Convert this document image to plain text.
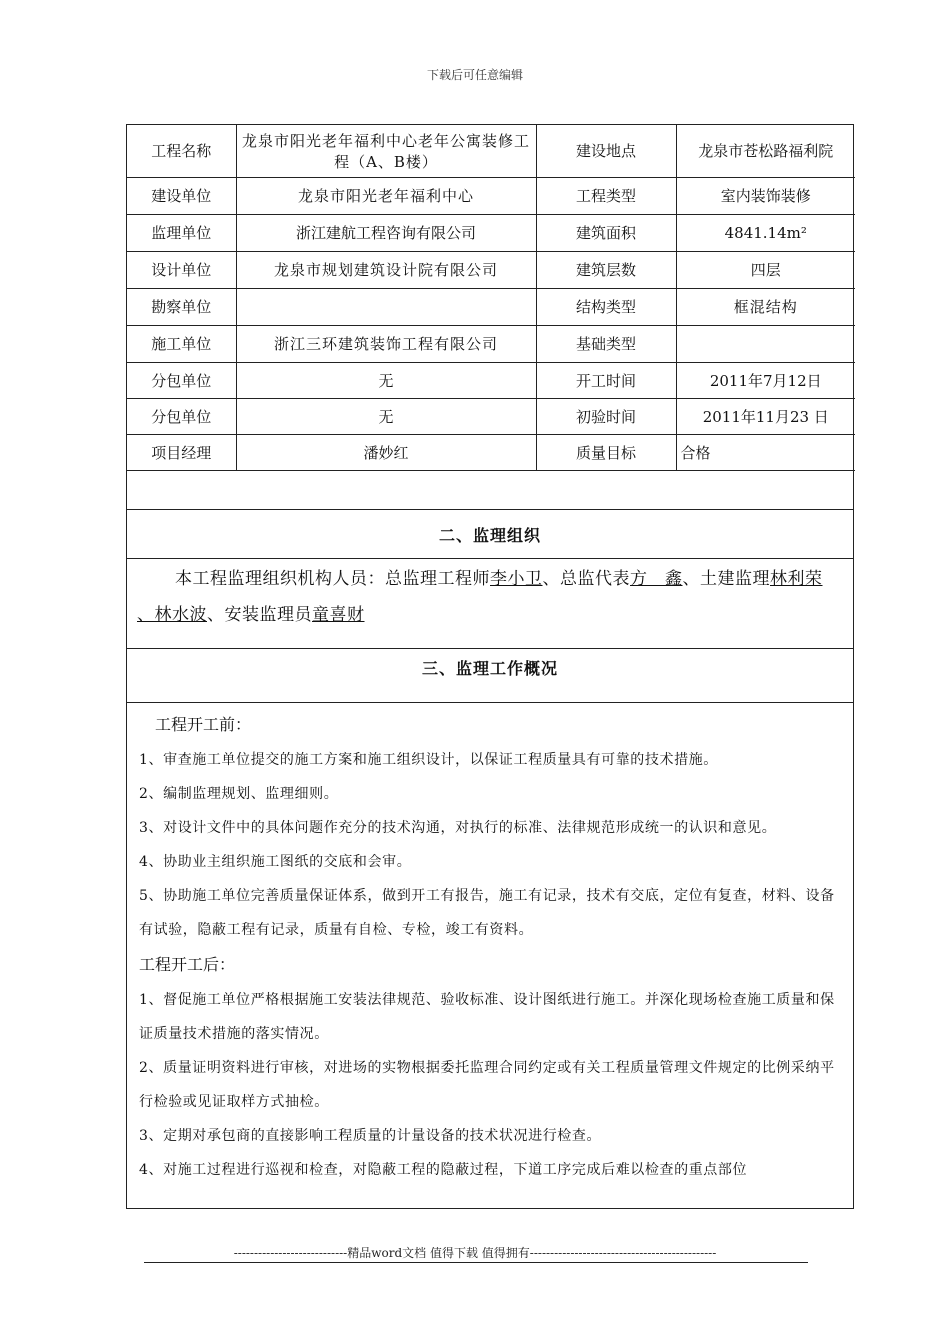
下载后可任意编辑
工程名称	龙泉市阳光老年福利中心老年公寓装修工程（A、B楼）	建设地点	龙泉市苍松路福利院
建设单位	龙泉市阳光老年福利中心	工程类型	室内装饰装修
监理单位	浙江建航工程咨询有限公司	建筑面积	4841.14m²
设计单位	龙泉市规划建筑设计院有限公司	建筑层数	四层
勘察单位		结构类型	框混结构
施工单位	浙江三环建筑装饰工程有限公司	基础类型	
分包单位	无	开工时间	2011年7月12日
分包单位	无	初验时间	2011年11月23 日
项目经理	潘妙红	质量目标	合格
二、监理组织
本工程监理组织机构人员：总监理工程师李小卫、总监代表方　鑫、土建监理林利荣 、林水波、安装监理员童喜财
三、监理工作概况

工程开工前：

1、审查施工单位提交的施工方案和施工组织设计，以保证工程质量具有可靠的技术措施。

2、编制监理规划、监理细则。

3、对设计文件中的具体问题作充分的技术沟通，对执行的标准、法律规范形成统一的认识和意见。

4、协助业主组织施工图纸的交底和会审。

5、协助施工单位完善质量保证体系，做到开工有报告，施工有记录，技术有交底，定位有复查，材料、设备有试验，隐蔽工程有记录，质量有自检、专检，竣工有资料。

工程开工后：

1、督促施工单位严格根据施工安装法律规范、验收标准、设计图纸进行施工。并深化现场检查施工质量和保证质量技术措施的落实情况。

2、质量证明资料进行审核，对进场的实物根据委托监理合同约定或有关工程质量管理文件规定的比例采纳平行检验或见证取样方式抽检。

3、定期对承包商的直接影响工程质量的计量设备的技术状况进行检查。

4、对施工过程进行巡视和检查，对隐蔽工程的隐蔽过程，下道工序完成后难以检查的重点部位

----------------------------精品word文档 值得下载 值得拥有----------------------------------------------
